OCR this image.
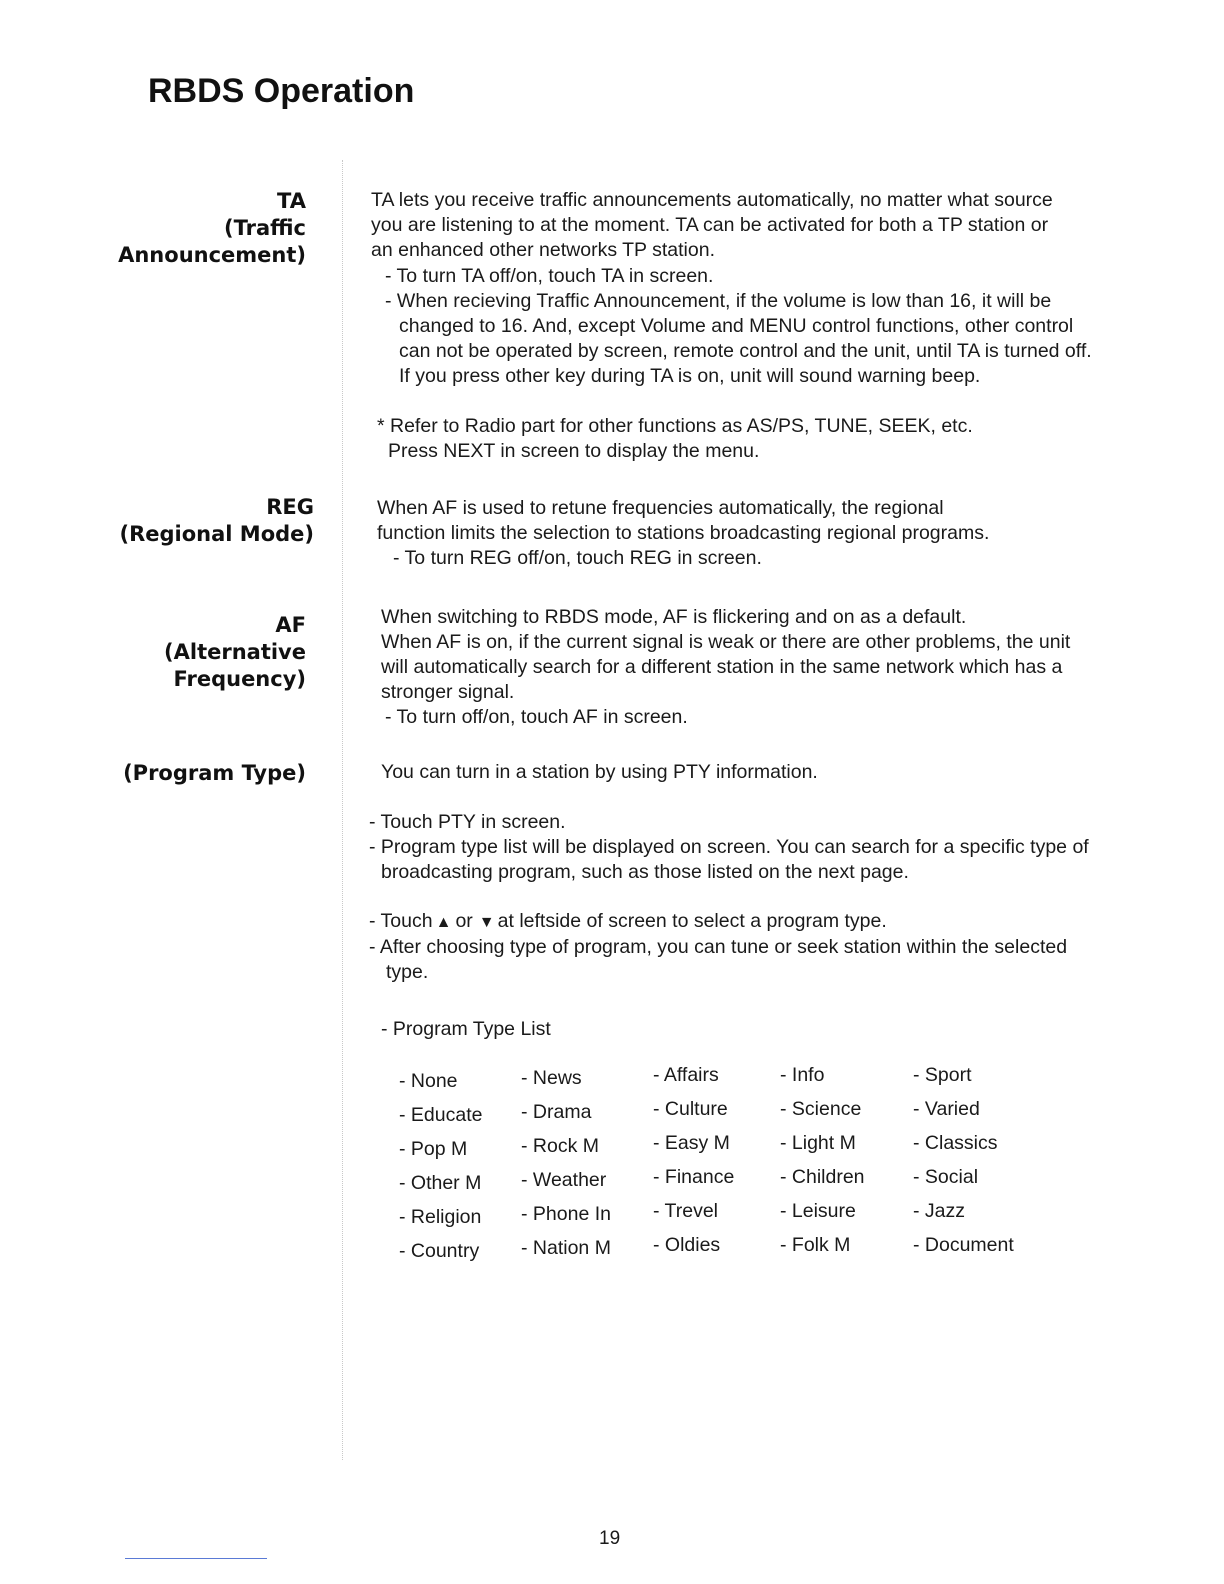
RBDS Operation
TA
(Traffic
Announcement)

TA lets you receive traffic announcements automatically, no matter what source

you are listening to at the moment. TA can be activated for both a TP station or

an enhanced other networks TP station.

- To turn TA off/on, touch TA in screen.

- When recieving Traffic Announcement, if the volume is low than 16, it will be changed to 16. And, except Volume and MENU control functions, other control can not be operated by screen, remote control and the unit, until TA is turned off. If you press other key during TA is on, unit will sound warning beep.

* Refer to Radio part for other functions as AS/PS, TUNE, SEEK, etc.

Press NEXT in screen to display the menu.

REG
(Regional Mode)

When AF is used to retune frequencies automatically, the regional

function limits the selection to stations broadcasting regional programs.

- To turn REG off/on, touch REG in screen.

AF
(Alternative
Frequency)

When switching to RBDS mode, AF is flickering and on as a default.

When AF is on, if the current signal is weak or there are other problems, the unit

will automatically search for a different station in the same network which has a

stronger signal.

- To turn off/on, touch AF in screen.

(Program Type)	You can turn in a station by using PTY information.

- Touch PTY in screen.

- Program type list will be displayed on screen. You can search for a specific type of broadcasting program, such as those listed on the next page.

- Touch ▲ or ▼ at leftside of screen to select a program type.

- After choosing type of program, you can tune or seek station within the selected type.

- Program Type List
- None	- News	- Affairs	- Info	- Sport
- Educate - Drama	- Culture	- Science	- Varied
- Pop M	- Rock M	- Easy M	- Light M	- Classics
- Other M - Weather - Finance - Children - Social
- Religion - Phone In - Trevel	- Leisure	- Jazz
- Country - Nation M - Oldies	- Folk M	- Document
19
